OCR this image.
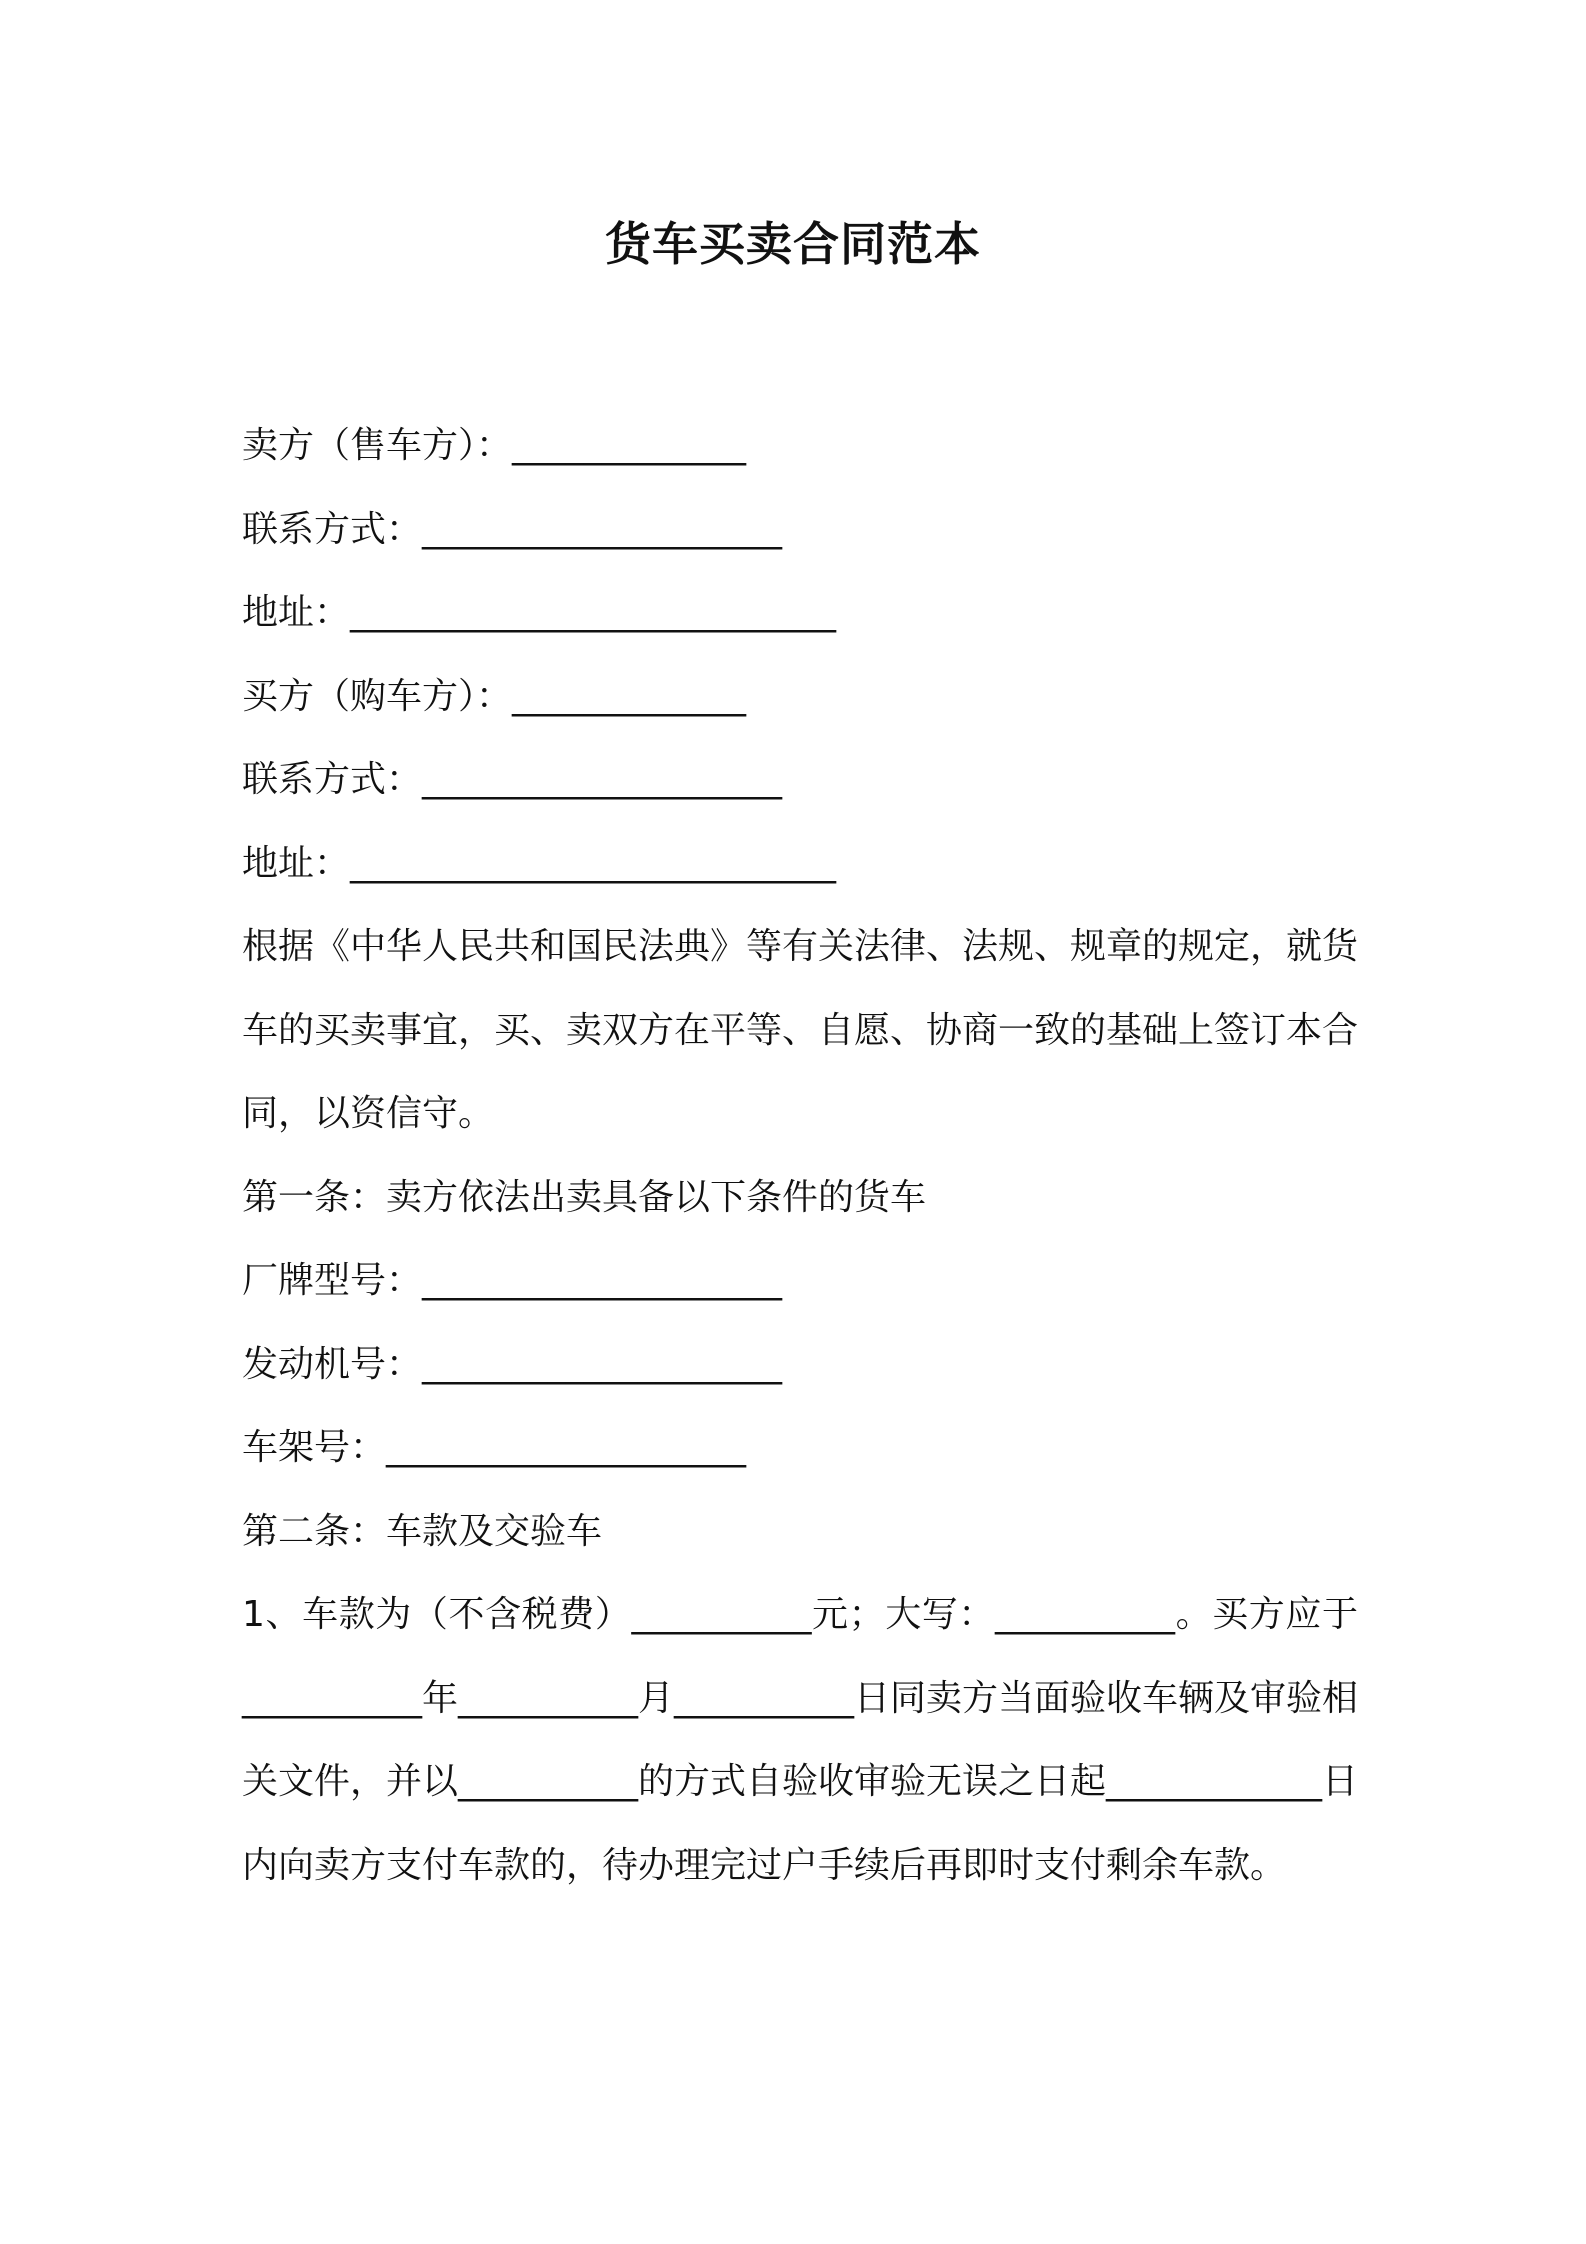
货车买卖合同范本
卖方（售车方）：_____________
联系方式：____________________
地址：___________________________
买方（购车方）：_____________
联系方式：____________________
地址：___________________________
根据《中华人民共和国民法典》等有关法律、法规、规章的规定，就货车的买卖事宜，买、卖双方在平等、自愿、协商一致的基础上签订本合同，以资信守。
第一条：卖方依法出卖具备以下条件的货车
厂牌型号：____________________
发动机号：____________________
车架号：____________________
第二条：车款及交验车
1、车款为（不含税费）__________元；大写：__________。买方应于__________年__________月__________日同卖方当面验收车辆及审验相关文件，并以__________的方式自验收审验无误之日起____________日内向卖方支付车款的，待办理完过户手续后再即时支付剩余车款。
